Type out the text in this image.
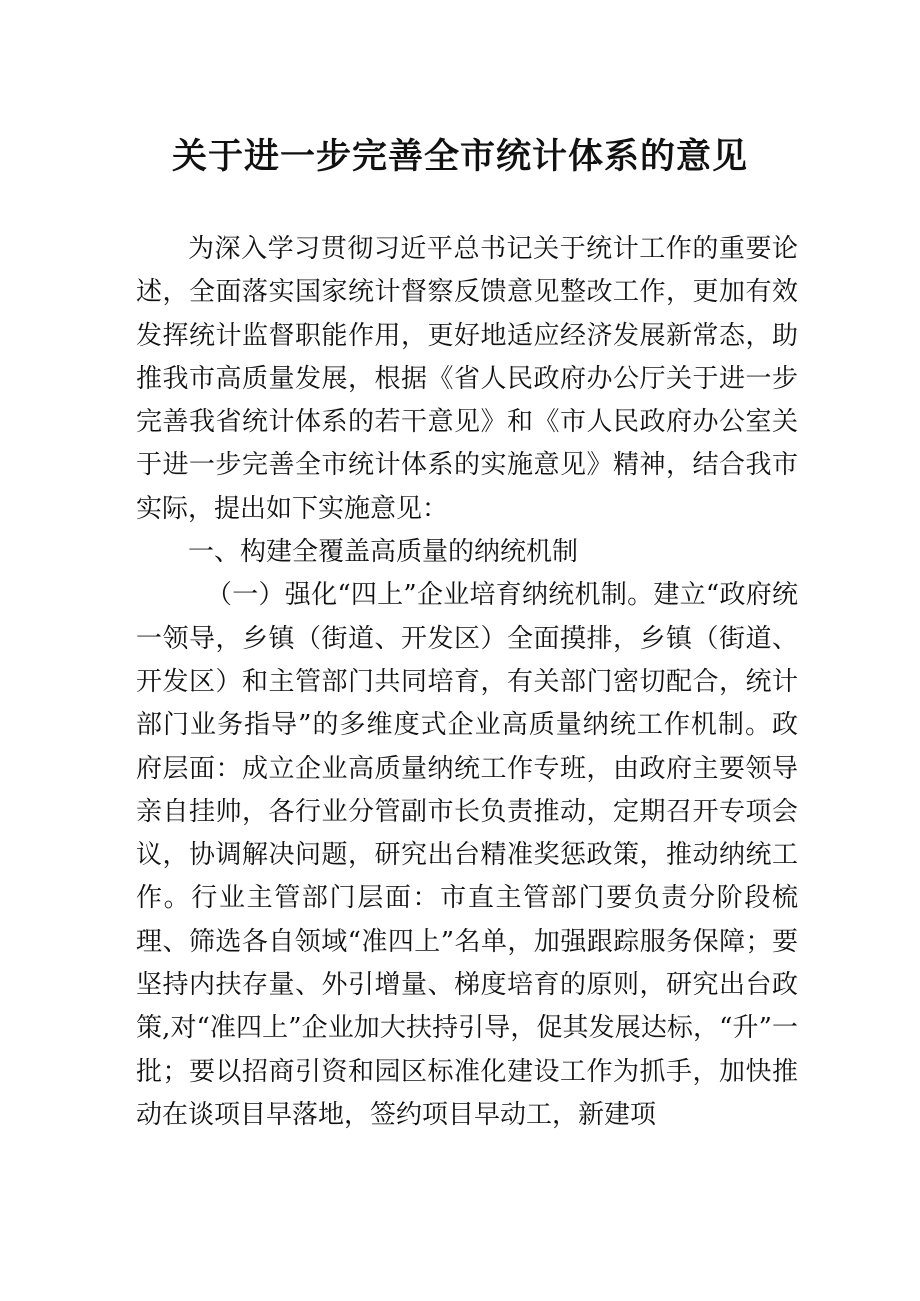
关于进一步完善全市统计体系的意见

为深入学习贯彻习近平总书记关于统计工作的重要论述，全面落实国家统计督察反馈意见整改工作，更加有效发挥统计监督职能作用，更好地适应经济发展新常态，助推我市高质量发展，根据《省人民政府办公厅关于进一步完善我省统计体系的若干意见》和《市人民政府办公室关于进一步完善全市统计体系的实施意见》精神，结合我市实际，提出如下实施意见：

一、构建全覆盖高质量的纳统机制

（一）强化“四上”企业培育纳统机制。建立“政府统一领导，乡镇（街道、开发区）全面摸排，乡镇（街道、开发区）和主管部门共同培育，有关部门密切配合，统计部门业务指导”的多维度式企业高质量纳统工作机制。政府层面：成立企业高质量纳统工作专班，由政府主要领导亲自挂帅，各行业分管副市长负责推动，定期召开专项会议，协调解决问题，研究出台精准奖惩政策，推动纳统工作。行业主管部门层面：市直主管部门要负责分阶段梳理、筛选各自领域“准四上”名单，加强跟踪服务保障；要坚持内扶存量、外引增量、梯度培育的原则，研究出台政策,对“准四上”企业加大扶持引导，促其发展达标，“升”一批；要以招商引资和园区标准化建设工作为抓手，加快推动在谈项目早落地，签约项目早动工，新建项
